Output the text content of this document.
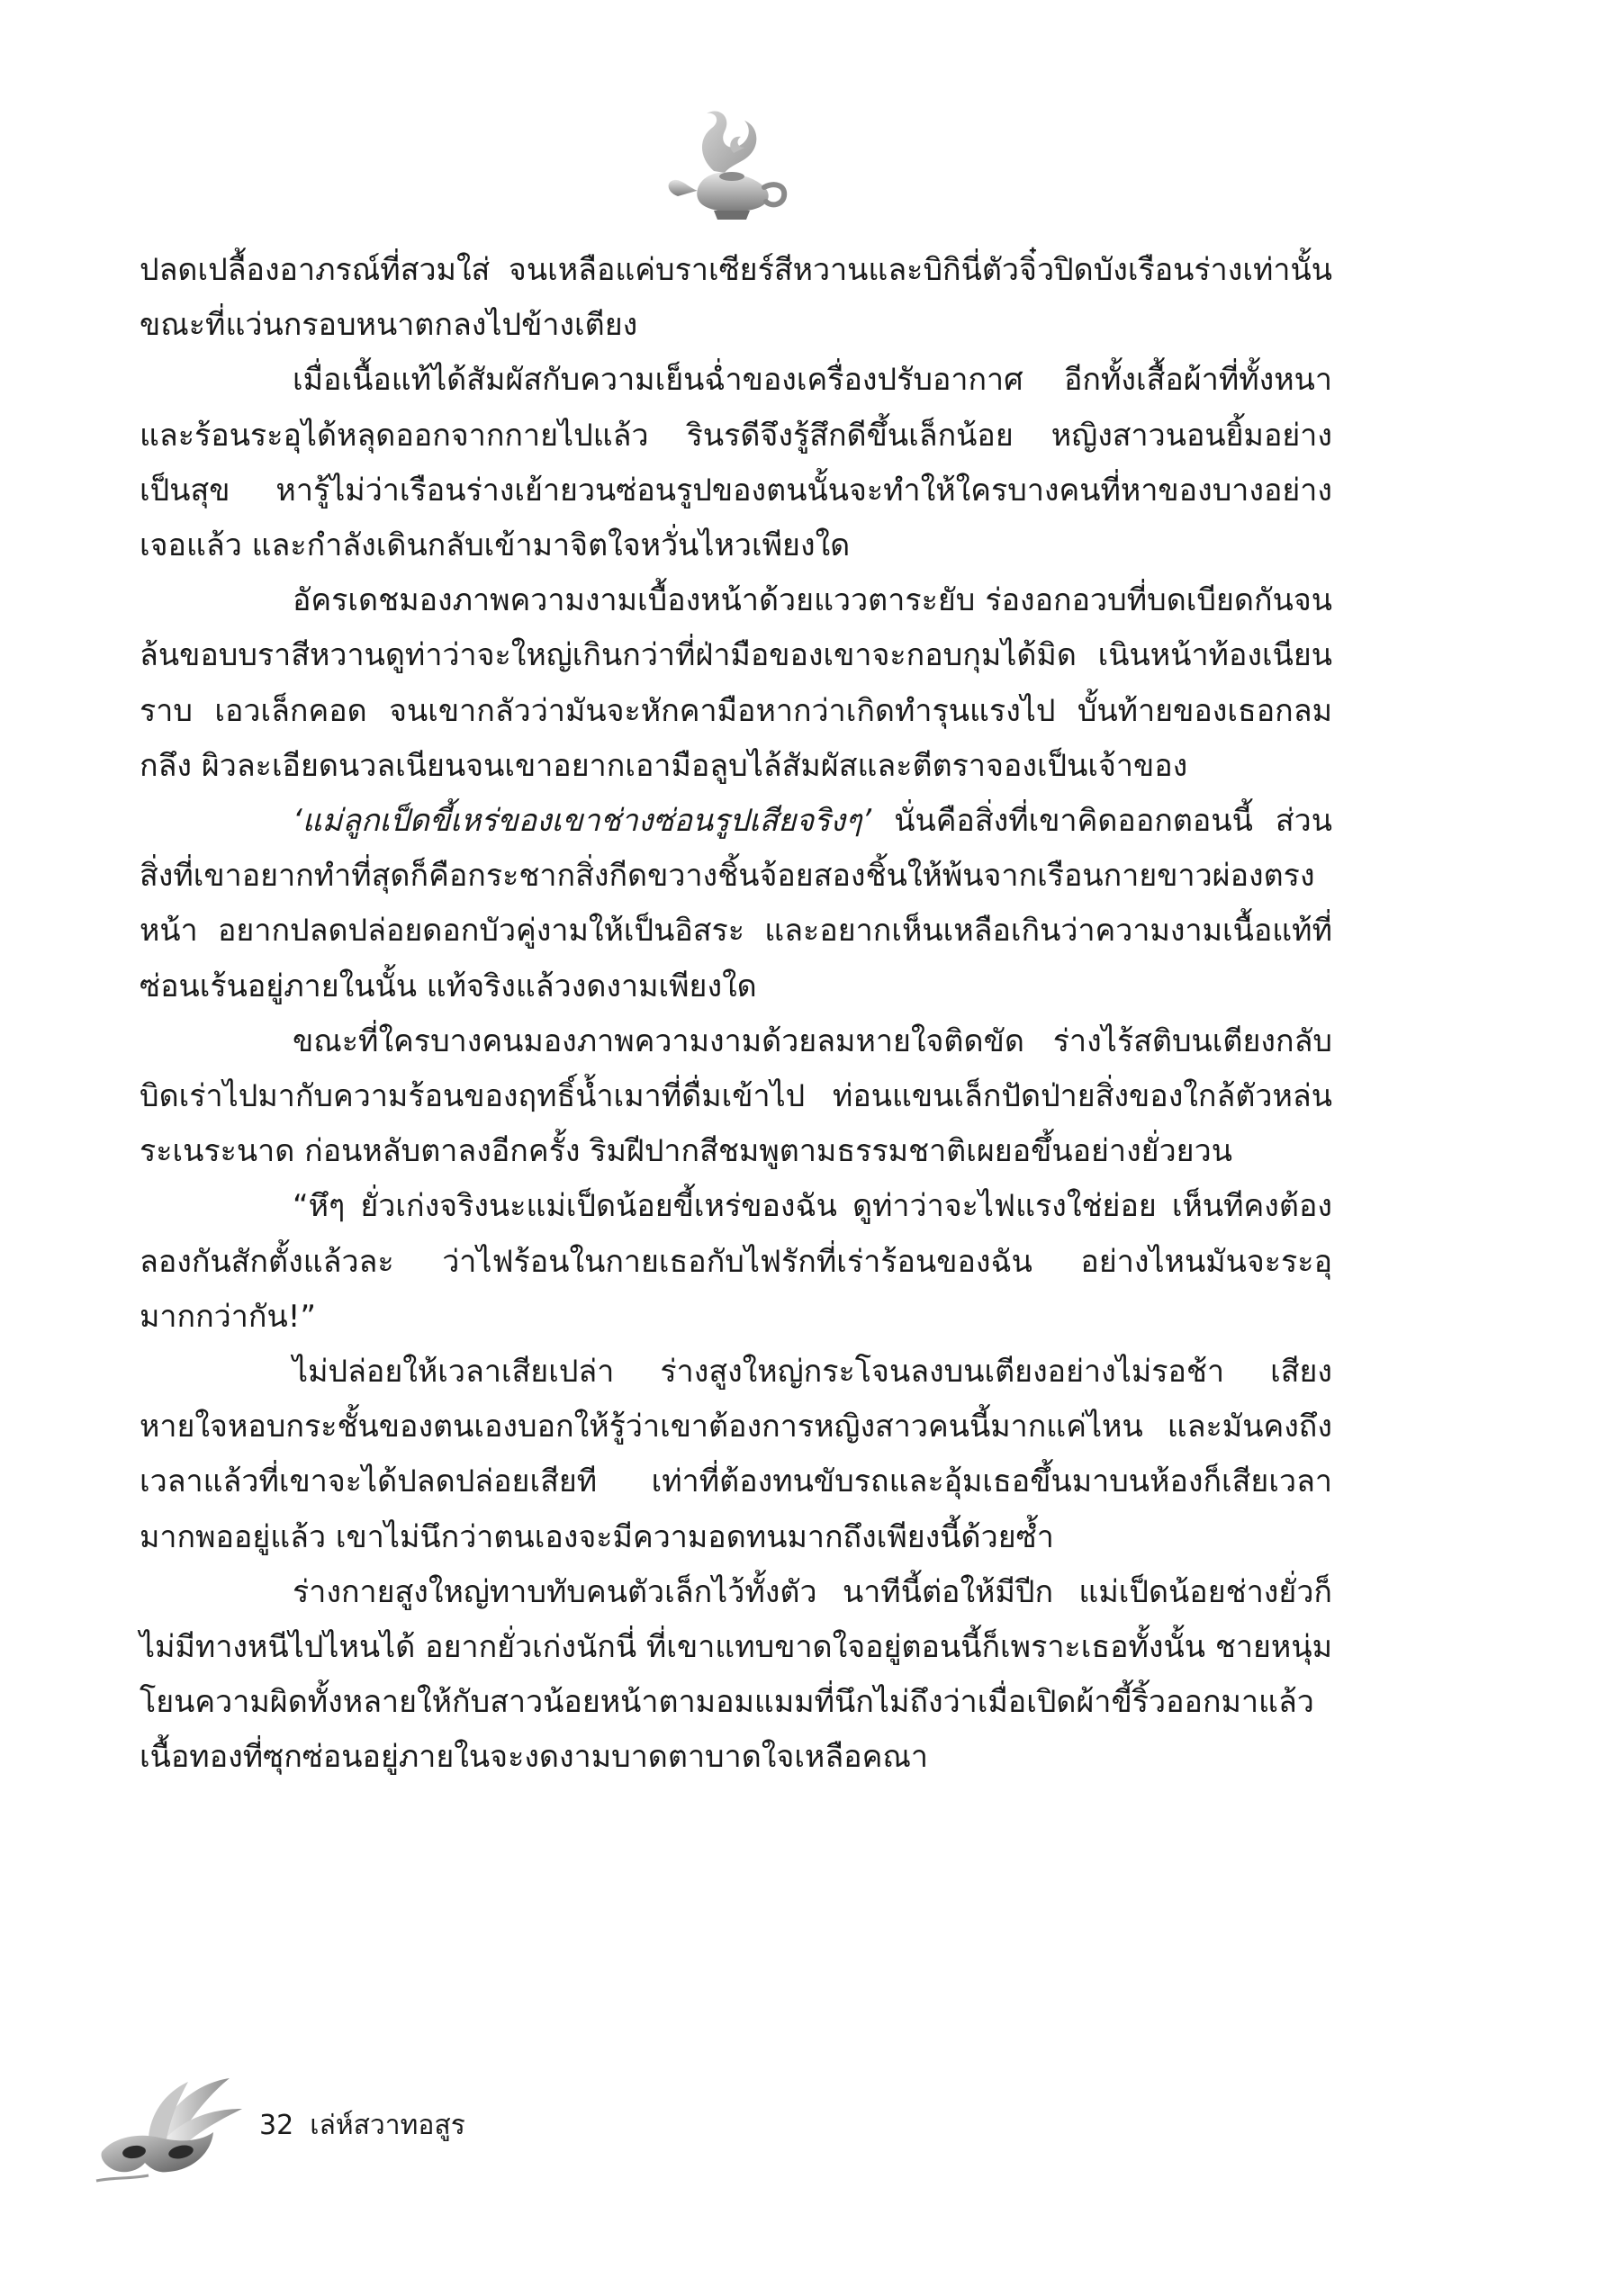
ปลดเปลื้องอาภรณ์ที่สวมใส่ จนเหลือแค่บราเซียร์สีหวานและบิกินี่ตัวจิ๋วปิดบังเรือนร่างเท่านั้น ขณะที่แว่นกรอบหนาตกลงไปข้างเตียง

เมื่อเนื้อแท้ได้สัมผัสกับความเย็นฉ่ำของเครื่องปรับอากาศ อีกทั้งเสื้อผ้าที่ทั้งหนาและร้อนระอุได้หลุดออกจากกายไปแล้ว รินรดีจึงรู้สึกดีขึ้นเล็กน้อย หญิงสาวนอนยิ้มอย่างเป็นสุข หารู้ไม่ว่าเรือนร่างเย้ายวนซ่อนรูปของตนนั้นจะทำให้ใครบางคนที่หาของบางอย่างเจอแล้ว และกำลังเดินกลับเข้ามาจิตใจหวั่นไหวเพียงใด

อัครเดชมองภาพความงามเบื้องหน้าด้วยแววตาระยับ ร่องอกอวบที่บดเบียดกันจนล้นขอบบราสีหวานดูท่าว่าจะใหญ่เกินกว่าที่ฝ่ามือของเขาจะกอบกุมได้มิด เนินหน้าท้องเนียนราบ เอวเล็กคอด จนเขากลัวว่ามันจะหักคามือหากว่าเกิดทำรุนแรงไป บั้นท้ายของเธอกลมกลึง ผิวละเอียดนวลเนียนจนเขาอยากเอามือลูบไล้สัมผัสและตีตราจองเป็นเจ้าของ

‘แม่ลูกเป็ดขี้เหร่ของเขาช่างซ่อนรูปเสียจริงๆ’ นั่นคือสิ่งที่เขาคิดออกตอนนี้ ส่วนสิ่งที่เขาอยากทำที่สุดก็คือกระชากสิ่งกีดขวางชิ้นจ้อยสองชิ้นให้พ้นจากเรือนกายขาวผ่องตรงหน้า อยากปลดปล่อยดอกบัวคู่งามให้เป็นอิสระ และอยากเห็นเหลือเกินว่าความงามเนื้อแท้ที่ซ่อนเร้นอยู่ภายในนั้น แท้จริงแล้วงดงามเพียงใด

ขณะที่ใครบางคนมองภาพความงามด้วยลมหายใจติดขัด ร่างไร้สติบนเตียงกลับบิดเร่าไปมากับความร้อนของฤทธิ์น้ำเมาที่ดื่มเข้าไป ท่อนแขนเล็กปัดป่ายสิ่งของใกล้ตัวหล่นระเนระนาด ก่อนหลับตาลงอีกครั้ง ริมฝีปากสีชมพูตามธรรมชาติเผยอขึ้นอย่างยั่วยวน

“หึๆ ยั่วเก่งจริงนะแม่เป็ดน้อยขี้เหร่ของฉัน ดูท่าว่าจะไฟแรงใช่ย่อย เห็นทีคงต้องลองกันสักตั้งแล้วละ ว่าไฟร้อนในกายเธอกับไฟรักที่เร่าร้อนของฉัน อย่างไหนมันจะระอุมากกว่ากัน!”

ไม่ปล่อยให้เวลาเสียเปล่า ร่างสูงใหญ่กระโจนลงบนเตียงอย่างไม่รอช้า เสียงหายใจหอบกระชั้นของตนเองบอกให้รู้ว่าเขาต้องการหญิงสาวคนนี้มากแค่ไหน และมันคงถึงเวลาแล้วที่เขาจะได้ปลดปล่อยเสียที เท่าที่ต้องทนขับรถและอุ้มเธอขึ้นมาบนห้องก็เสียเวลามากพออยู่แล้ว เขาไม่นึกว่าตนเองจะมีความอดทนมากถึงเพียงนี้ด้วยซ้ำ

ร่างกายสูงใหญ่ทาบทับคนตัวเล็กไว้ทั้งตัว นาทีนี้ต่อให้มีปีก แม่เป็ดน้อยช่างยั่วก็ไม่มีทางหนีไปไหนได้ อยากยั่วเก่งนักนี่ ที่เขาแทบขาดใจอยู่ตอนนี้ก็เพราะเธอทั้งนั้น ชายหนุ่มโยนความผิดทั้งหลายให้กับสาวน้อยหน้าตามอมแมมที่นึกไม่ถึงว่าเมื่อเปิดผ้าขี้ริ้วออกมาแล้ว เนื้อทองที่ซุกซ่อนอยู่ภายในจะงดงามบาดตาบาดใจเหลือคณา

32 เล่ห์สวาทอสูร
